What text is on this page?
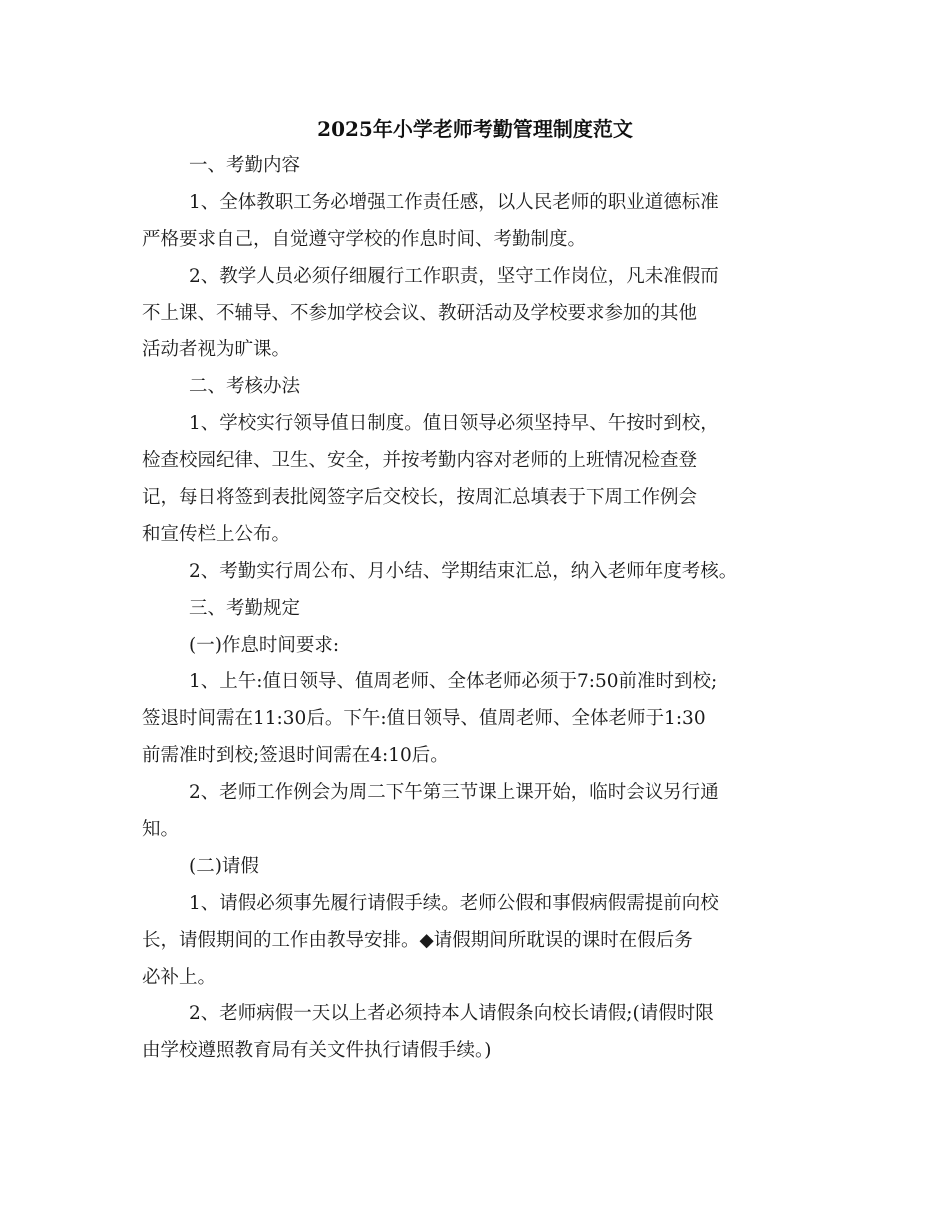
2025年小学老师考勤管理制度范文
一、考勤内容
1、全体教职工务必增强工作责任感，以人民老师的职业道德标准
严格要求自己，自觉遵守学校的作息时间、考勤制度。
2、教学人员必须仔细履行工作职责，坚守工作岗位，凡未准假而
不上课、不辅导、不参加学校会议、教研活动及学校要求参加的其他
活动者视为旷课。
二、考核办法
1、学校实行领导值日制度。值日领导必须坚持早、午按时到校，
检查校园纪律、卫生、安全，并按考勤内容对老师的上班情况检查登
记，每日将签到表批阅签字后交校长，按周汇总填表于下周工作例会
和宣传栏上公布。
2、考勤实行周公布、月小结、学期结束汇总，纳入老师年度考核。
三、考勤规定
(一)作息时间要求:
1、上午:值日领导、值周老师、全体老师必须于7:50前准时到校;
签退时间需在11:30后。下午:值日领导、值周老师、全体老师于1:30
前需准时到校;签退时间需在4:10后。
2、老师工作例会为周二下午第三节课上课开始，临时会议另行通
知。
(二)请假
1、请假必须事先履行请假手续。老师公假和事假病假需提前向校
长，请假期间的工作由教导安排。◆请假期间所耽误的课时在假后务
必补上。
2、老师病假一天以上者必须持本人请假条向校长请假;(请假时限
由学校遵照教育局有关文件执行请假手续。)
